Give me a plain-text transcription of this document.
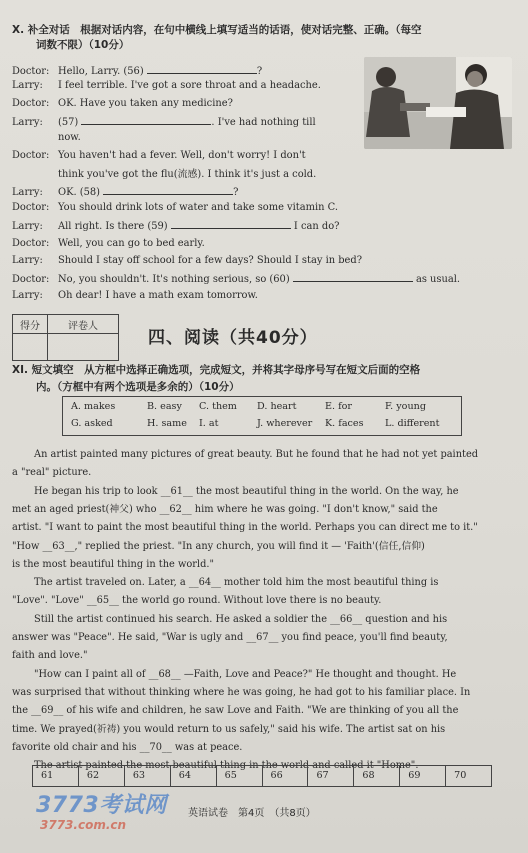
X. 补全对话　根据对话内容，在句中横线上填写适当的话语，使对话完整、正确。（每空
词数不限）（10分）
Doctor: Hello, Larry. (56)	?
Larry: I feel terrible. I've got a sore throat and a headache.
Doctor: OK. Have you taken any medicine?
Larry: (57)	. I've had nothing till
now.
Doctor: You haven't had a fever. Well, don't worry! I don't
think you've got the flu(流感). I think it's just a cold.
Larry: OK. (58)	?
Doctor: You should drink lots of water and take some vitamin C.
Larry: All right. Is there (59)	I can do?
Doctor: Well, you can go to bed early.
Larry: Should I stay off school for a few days? Should I stay in bed?
Doctor: No, you shouldn't. It's nothing serious, so (60)	as usual.
Larry: Oh dear! I have a math exam tomorrow.
得分	评卷人

四、阅读（共40分）
XI. 短文填空　从方框中选择正确选项，完成短文，并将其字母序号写在短文后面的空格
内。（方框中有两个选项是多余的）（10分）
A. makes	B. easy C. them D. heart	E. for	F. young
G. asked	H. same I. at	J. wherever K. faces L. different
An artist painted many pictures of great beauty. But he found that he had not yet painted
a "real" picture.
He began his trip to look __61__ the most beautiful thing in the world. On the way, he
met an aged priest(神父) who __62__ him where he was going. "I don't know," said the
artist. "I want to paint the most beautiful thing in the world. Perhaps you can direct me to it."
"How __63__," replied the priest. "In any church, you will find it — 'Faith'(信任,信仰)
is the most beautiful thing in the world."
The artist traveled on. Later, a __64__ mother told him the most beautiful thing is
"Love". "Love" __65__ the world go round. Without love there is no beauty.
Still the artist continued his search. He asked a soldier the __66__ question and his
answer was "Peace". He said, "War is ugly and __67__ you find peace, you'll find beauty,
faith and love."
"How can I paint all of __68__ —Faith, Love and Peace?" He thought and thought. He
was surprised that without thinking where he was going, he had got to his familiar place. In
the __69__ of his wife and children, he saw Love and Faith. "We are thinking of you all the
time. We prayed(祈祷) you would return to us safely," said his wife. The artist sat on his
favorite old chair and his __70__ was at peace.
The artist painted the most beautiful thing in the world and called it "Home".
61	62	63	64	65	66	67	68	69	70
英语试卷　第4页　（共8页）
3773考试网
3773.com.cn
